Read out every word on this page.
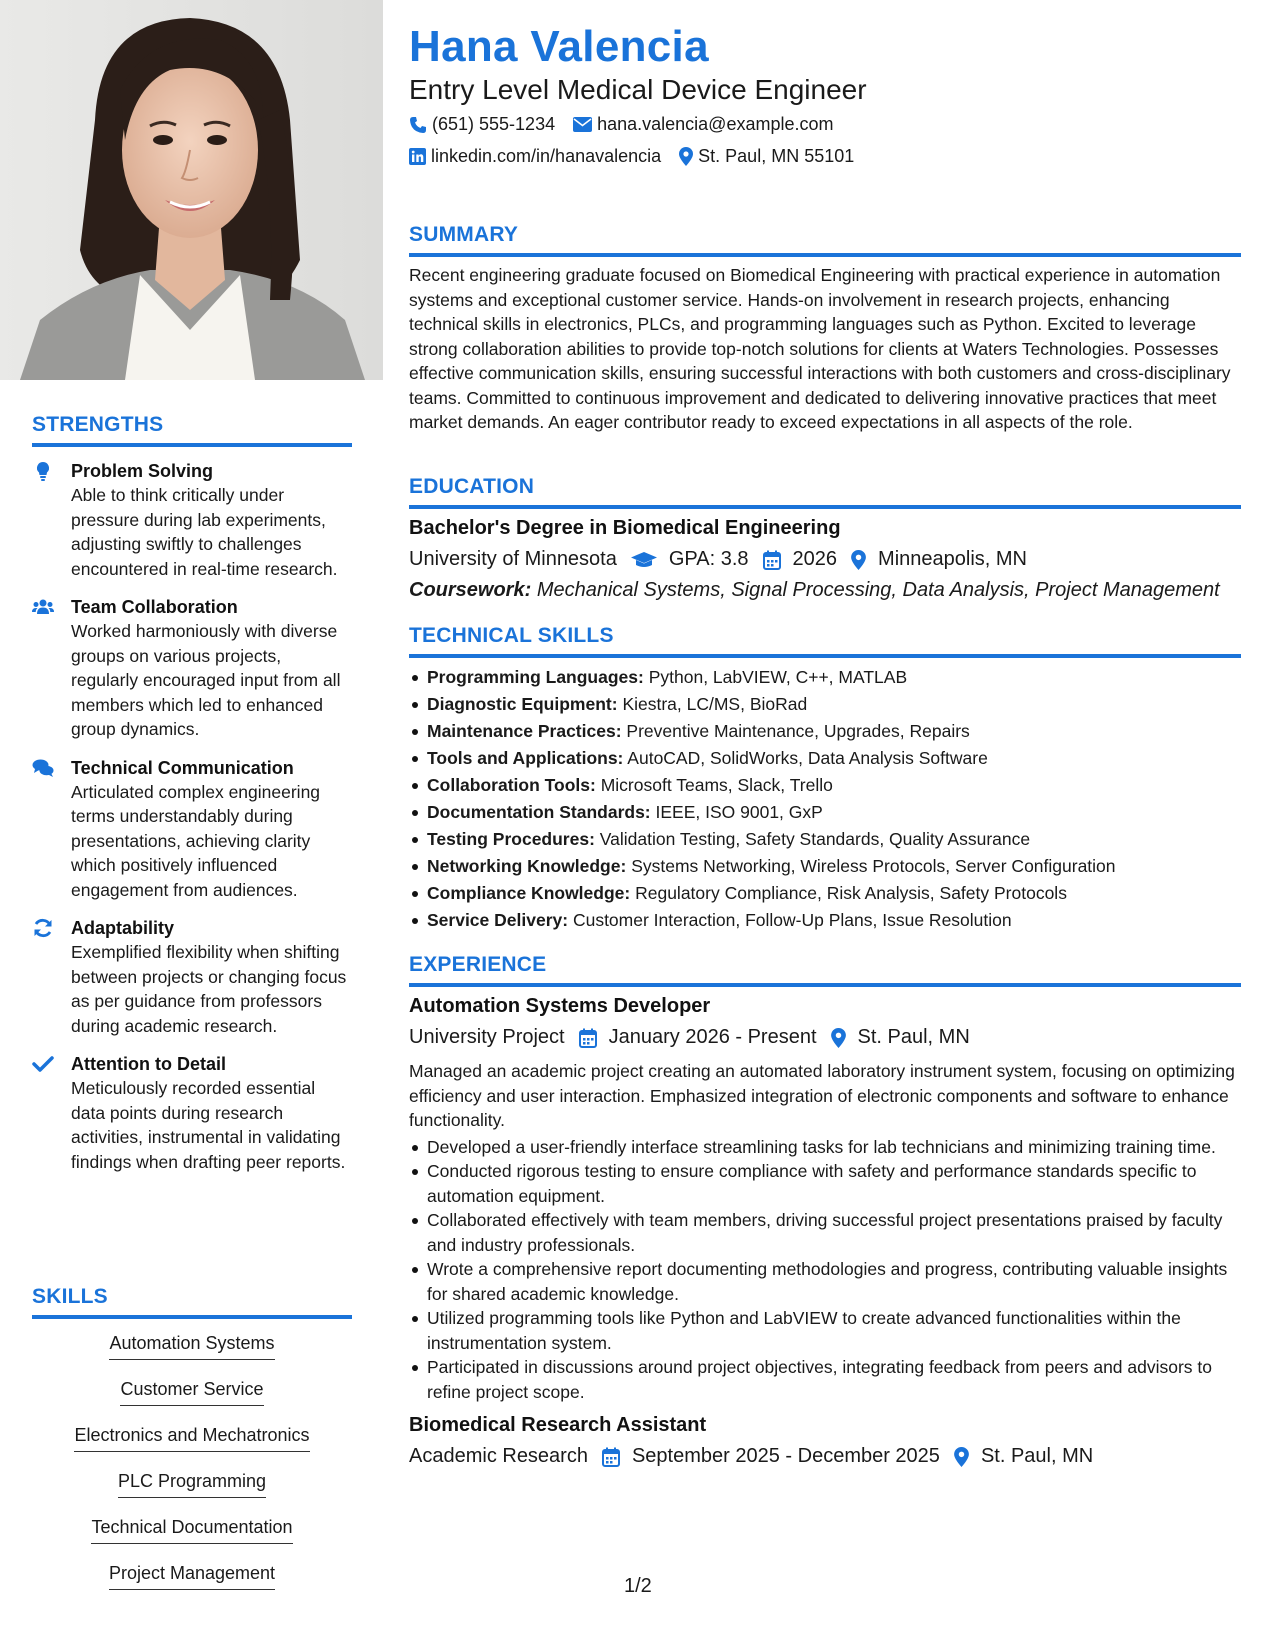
STRENGTHS
Problem Solving
Able to think critically under pressure during lab experiments, adjusting swiftly to challenges encountered in real-time research.
Team Collaboration
Worked harmoniously with diverse groups on various projects, regularly encouraged input from all members which led to enhanced group dynamics.
Technical Communication
Articulated complex engineering terms understandably during presentations, achieving clarity which positively influenced engagement from audiences.
Adaptability
Exemplified flexibility when shifting between projects or changing focus as per guidance from professors during academic research.
Attention to Detail
Meticulously recorded essential data points during research activities, instrumental in validating findings when drafting peer reports.
SKILLS
Automation Systems
Customer Service
Electronics and Mechatronics
PLC Programming
Technical Documentation
Project Management
Hana Valencia
Entry Level Medical Device Engineer
(651) 555-1234 hana.valencia@example.com
linkedin.com/in/hanavalencia St. Paul, MN 55101
SUMMARY
Recent engineering graduate focused on Biomedical Engineering with practical experience in automation systems and exceptional customer service. Hands-on involvement in research projects, enhancing technical skills in electronics, PLCs, and programming languages such as Python. Excited to leverage strong collaboration abilities to provide top-notch solutions for clients at Waters Technologies. Possesses effective communication skills, ensuring successful interactions with both customers and cross-disciplinary teams. Committed to continuous improvement and dedicated to delivering innovative practices that meet market demands. An eager contributor ready to exceed expectations in all aspects of the role.
EDUCATION
Bachelor's Degree in Biomedical Engineering
University of Minnesota	GPA: 3.8 2026 Minneapolis, MN
Coursework: Mechanical Systems, Signal Processing, Data Analysis, Project Management
TECHNICAL SKILLS
Programming Languages: Python, LabVIEW, C++, MATLAB
Diagnostic Equipment: Kiestra, LC/MS, BioRad
Maintenance Practices: Preventive Maintenance, Upgrades, Repairs
Tools and Applications: AutoCAD, SolidWorks, Data Analysis Software
Collaboration Tools: Microsoft Teams, Slack, Trello
Documentation Standards: IEEE, ISO 9001, GxP
Testing Procedures: Validation Testing, Safety Standards, Quality Assurance
Networking Knowledge: Systems Networking, Wireless Protocols, Server Configuration
Compliance Knowledge: Regulatory Compliance, Risk Analysis, Safety Protocols
Service Delivery: Customer Interaction, Follow-Up Plans, Issue Resolution
EXPERIENCE
Automation Systems Developer
University Project January 2026 - Present St. Paul, MN
Managed an academic project creating an automated laboratory instrument system, focusing on optimizing efficiency and user interaction. Emphasized integration of electronic components and software to enhance functionality.
Developed a user-friendly interface streamlining tasks for lab technicians and minimizing training time.
Conducted rigorous testing to ensure compliance with safety and performance standards specific to automation equipment.
Collaborated effectively with team members, driving successful project presentations praised by faculty and industry professionals.
Wrote a comprehensive report documenting methodologies and progress, contributing valuable insights for shared academic knowledge.
Utilized programming tools like Python and LabVIEW to create advanced functionalities within the instrumentation system.
Participated in discussions around project objectives, integrating feedback from peers and advisors to refine project scope.
Biomedical Research Assistant
Academic Research September 2025 - December 2025 St. Paul, MN
1/2
